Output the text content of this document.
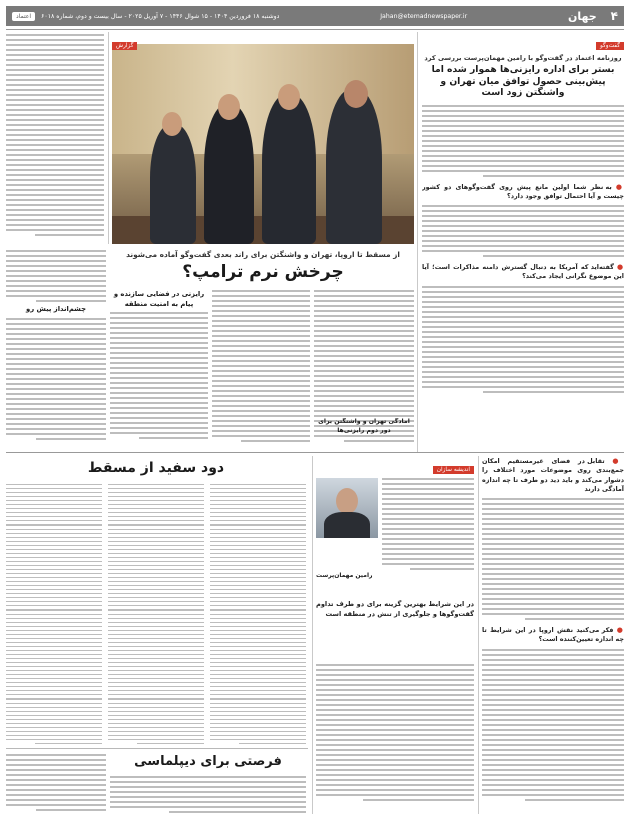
۴
جهان
Jahan@etemadnewspaper.ir
اعتماد	دوشنبه ۱۸ فروردین ۱۴۰۴ - ۱۵ شوال ۱۴۴۶ - ۷ آوریل ۲۰۲۵ - سال بیست و دوم، شماره ۶۰۱۸
گفت‌وگو
روزنامه اعتماد در گفت‌وگو با رامین مهمان‌پرست بررسی کرد
بستر برای اداره رایزنی‌ها هموار شده اما پیش‌بینی حصول توافق میان تهران و واشنگتن زود است
● به نظر شما اولین مانع پیش روی گفت‌وگوهای دو کشور چیست و آیا احتمال توافق وجود دارد؟
● گفته‌اید که آمریکا به دنبال گسترش دامنه مذاکرات است؛ آیا این موضوع نگرانی ایجاد می‌کند؟
گزارش
از مسقط تا اروپا، تهران و واشنگتن برای راند بعدی گفت‌وگو آماده می‌شوند
چرخش نرم ترامپ؟
رایزنی در فضایی سازنده و پیام به امنیت منطقه
چشم‌انداز پیش رو
آمادگی تهران و واشنگتن برای دور دوم رایزنی‌ها
● تقابل در فضای غیرمستقیم امکان جمع‌بندی روی موضوعات مورد اختلاف را دشوار می‌کند و باید دید دو طرف تا چه اندازه آمادگی دارند
● فکر می‌کنید نقش اروپا در این شرایط تا چه اندازه تعیین‌کننده است؟
اندیشه سازان
رامین مهمان‌پرست
در این شرایط بهترین گزینه برای دو طرف تداوم گفت‌وگوها و جلوگیری از تنش در منطقه است
دود سفید از مسقط
فرصتی برای دیپلماسی
